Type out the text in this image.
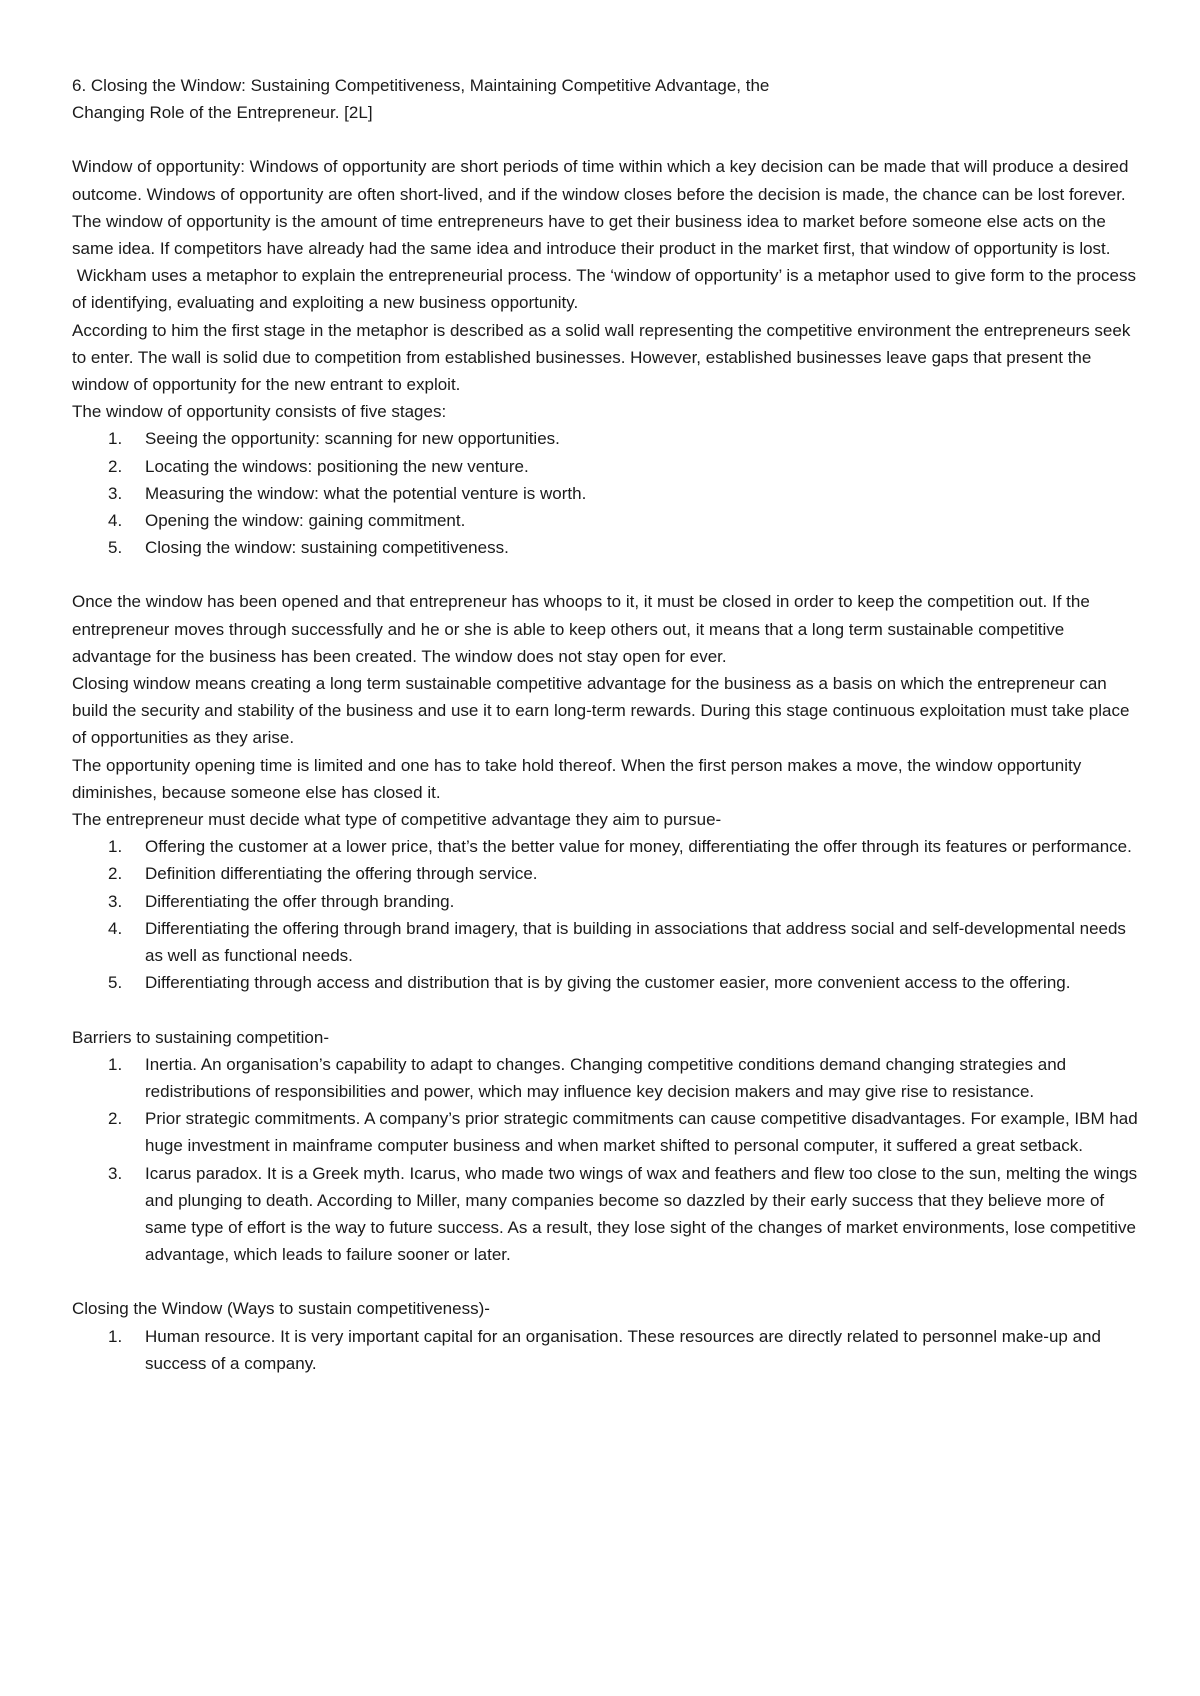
6. Closing the Window: Sustaining Competitiveness, Maintaining Competitive Advantage, the

Changing Role of the Entrepreneur. [2L]

Window of opportunity: Windows of opportunity are short periods of time within which a key decision can be made that will produce a desired outcome. Windows of opportunity are often short-lived, and if the window closes before the decision is made, the chance can be lost forever.

The window of opportunity is the amount of time entrepreneurs have to get their business idea to market before someone else acts on the same idea. If competitors have already had the same idea and introduce their product in the market first, that window of opportunity is lost.

Wickham uses a metaphor to explain the entrepreneurial process. The ‘window of opportunity’ is a metaphor used to give form to the process of identifying, evaluating and exploiting a new business opportunity.

According to him the first stage in the metaphor is described as a solid wall representing the competitive environment the entrepreneurs seek to enter. The wall is solid due to competition from established businesses. However, established businesses leave gaps that present the window of opportunity for the new entrant to exploit.

The window of opportunity consists of five stages:

1. Seeing the opportunity: scanning for new opportunities.
2. Locating the windows: positioning the new venture.
3. Measuring the window: what the potential venture is worth.
4. Opening the window: gaining commitment.
5. Closing the window: sustaining competitiveness.

Once the window has been opened and that entrepreneur has whoops to it, it must be closed in order to keep the competition out. If the entrepreneur moves through successfully and he or she is able to keep others out, it means that a long term sustainable competitive advantage for the business has been created. The window does not stay open for ever.

Closing window means creating a long term sustainable competitive advantage for the business as a basis on which the entrepreneur can build the security and stability of the business and use it to earn long-term rewards. During this stage continuous exploitation must take place of opportunities as they arise.

The opportunity opening time is limited and one has to take hold thereof. When the first person makes a move, the window opportunity diminishes, because someone else has closed it.

The entrepreneur must decide what type of competitive advantage they aim to pursue-

1. Offering the customer at a lower price, that’s the better value for money, differentiating the offer through its features or performance.
2. Definition differentiating the offering through service.
3. Differentiating the offer through branding.
4. Differentiating the offering through brand imagery, that is building in associations that address social and self-developmental needs as well as functional needs.
5. Differentiating through access and distribution that is by giving the customer easier, more convenient access to the offering.

Barriers to sustaining competition-

1. Inertia. An organisation’s capability to adapt to changes. Changing competitive conditions demand changing strategies and redistributions of responsibilities and power, which may influence key decision makers and may give rise to resistance.
2. Prior strategic commitments. A company’s prior strategic commitments can cause competitive disadvantages. For example, IBM had huge investment in mainframe computer business and when market shifted to personal computer, it suffered a great setback.
3. Icarus paradox. It is a Greek myth. Icarus, who made two wings of wax and feathers and flew too close to the sun, melting the wings and plunging to death. According to Miller, many companies become so dazzled by their early success that they believe more of same type of effort is the way to future success. As a result, they lose sight of the changes of market environments, lose competitive advantage, which leads to failure sooner or later.

Closing the Window (Ways to sustain competitiveness)-

1. Human resource. It is very important capital for an organisation. These resources are directly related to personnel make-up and success of a company.
